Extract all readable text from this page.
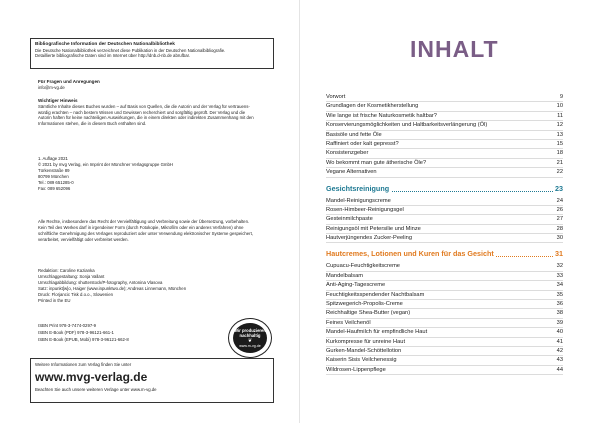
Bibliografische Information der Deutschen Nationalbibliothek
Die Deutsche Nationalbibliothek verzeichnet diese Publikation in der Deutschen Nationalbibliografie.
Detaillierte bibliografische Daten sind im Internet über http://dnb.d-nb.de abrufbar.
Für Fragen und Anregungen
info@m-vg.de
Wichtiger Hinweis
Sämtliche Inhalte dieses Buches wurden – auf Basis von Quellen, die die Autorin und der Verlag für vertrauens-
würdig erachten – nach bestem Wissen und Gewissen recherchiert und sorgfältig geprüft. Der Verlag und die
Autorin haften für keine nachteiligen Auswirkungen, die in einem direkten oder indirekten Zusammenhang mit den
Informationen stehen, die in diesem Buch enthalten sind.
1. Auflage 2021
© 2021 by mvg Verlag, ein Imprint der Münchner Verlagsgruppe GmbH
Türkenstraße 89
80799 München
Tel.: 089 651285-0
Fax: 089 652096
Alle Rechte, insbesondere das Recht der Vervielfältigung und Verbreitung sowie der Übersetzung, vorbehalten.
Kein Teil des Werkes darf in irgendeiner Form (durch Fotokopie, Mikrofilm oder ein anderes Verfahren) ohne
schriftliche Genehmigung des Verlages reproduziert oder unter Verwendung elektronischer Systeme gespeichert,
verarbeitet, vervielfältigt oder verbreitet werden.
Redaktion: Caroline Kazianka
Umschlaggestaltung: Sonja Vallant
Umschlagabbildung: shutterstock/P-fotography, Antonina Vlasova
Satz: inpunkt[w]o, Haiger (www.inpunktwo.de); Andreas Linnemann, München
Druck: Florjancic Tisk d.o.o., Slowenien
Printed in the EU
ISBN Print 978-3-7474-0297-9
ISBN E-Book (PDF) 978-3-96121-661-1
ISBN E-Book (EPUB, Mobi) 978-3-96121-662-8
Wir produzieren
nachhaltig
❦
www.m-vg.de
Weitere Informationen zum Verlag finden Sie unter
www.mvg-verlag.de
Beachten Sie auch unsere weiteren Verlage unter www.m-vg.de
INHALT
Vorwort	9
Grundlagen der Kosmetikherstellung	10
Wie lange ist frische Naturkosmetik haltbar?	11
Konservierungsmöglichkeiten und Haltbarkeitsverlängerung (Öl)	12
Basisöle und fette Öle	13
Raffiniert oder kalt gepresst?	15
Konsistenzgeber	18
Wo bekommt man gute ätherische Öle?	21
Vegane Alternativen	22
Gesichtsreinigung	23
Mandel-Reinigungscreme	24
Rosen-Himbeer-Reinigungsgel	26
Gesteinmilchpaste	27
Reinigungsöl mit Petersilie und Minze	28
Hautverjüngendes Zucker-Peeling	30
Hautcremes, Lotionen und Kuren für das Gesicht	31
Cupuacu-Feuchtigkeitscreme	32
Mandelbalsam	33
Anti-Aging-Tagescreme	34
Feuchtigkeitsspendender Nachtbalsam	35
Spitzwegerich-Propolis-Creme	36
Reichhaltige Shea-Butter (vegan)	38
Feines Veilchenöl	39
Mandel-Haufmilch für empfindliche Haut	40
Kurkompresse für unreine Haut	41
Gurken-Mandel-Schöttellotion	42
Kaiserin Sisis Veilchenessig	43
Wildrosen-Lippenpflege	44
